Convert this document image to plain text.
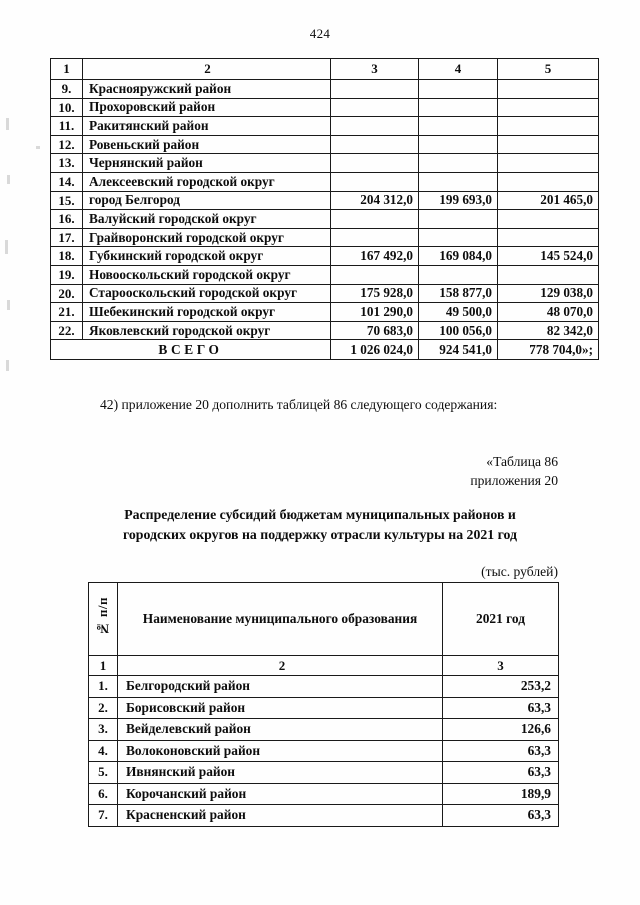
424
1	2	3	4	5
9.	Краснояружский район			
10.	Прохоровский район			
11.	Ракитянский район			
12.	Ровеньский район			
13.	Чернянский район			
14.	Алексеевский городской округ			
15.	город Белгород	204 312,0	199 693,0	201 465,0
16.	Валуйский городской округ			
17.	Грайворонский городской округ			
18.	Губкинский городской округ	167 492,0	169 084,0	145 524,0
19.	Новооскольский городской округ			
20.	Старооскольский городской округ	175 928,0	158 877,0	129 038,0
21.	Шебекинский городской округ	101 290,0	49 500,0	48 070,0
22.	Яковлевский городской округ	70 683,0	100 056,0	82 342,0
ВСЕГО		1 026 024,0	924 541,0	778 704,0»;
42) приложение 20 дополнить таблицей 86 следующего содержания:
«Таблица 86
приложения 20
Распределение субсидий бюджетам муниципальных районов и
городских округов на поддержку отрасли культуры на 2021 год
(тыс. рублей)
№ п/п	Наименование муниципального образования	2021 год
1	2	3
1.	Белгородский район	253,2
2.	Борисовский район	63,3
3.	Вейделевский район	126,6
4.	Волоконовский район	63,3
5.	Ивнянский район	63,3
6.	Корочанский район	189,9
7.	Красненский район	63,3
